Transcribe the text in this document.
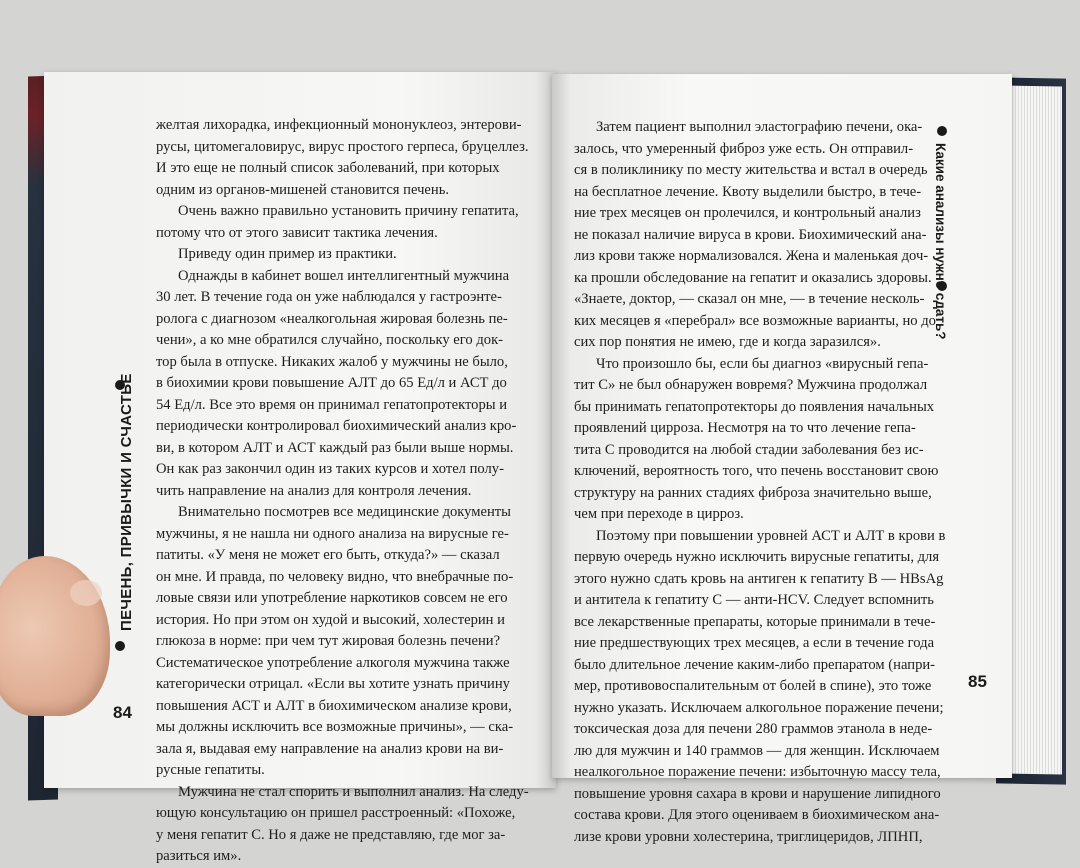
ПЕЧЕНЬ, ПРИВЫЧКИ И СЧАСТЬЕ
Какие анализы нужно сдать?

желтая лихорадка, инфекционный мононуклеоз, энтерови-

русы, цитомегаловирус, вирус простого герпеса, бруцеллез.

И это еще не полный список заболеваний, при которых

одним из органов-мишеней становится печень.

Очень важно правильно установить причину гепатита,

потому что от этого зависит тактика лечения.

Приведу один пример из практики.

Однажды в кабинет вошел интеллигентный мужчина

30 лет. В течение года он уже наблюдался у гастроэнте-

ролога с диагнозом «неалкогольная жировая болезнь пе-

чени», а ко мне обратился случайно, поскольку его док-

тор была в отпуске. Никаких жалоб у мужчины не было,

в биохимии крови повышение АЛТ до 65 Ед/л и АСТ до

54 Ед/л. Все это время он принимал гепатопротекторы и

периодически контролировал биохимический анализ кро-

ви, в котором АЛТ и АСТ каждый раз были выше нормы.

Он как раз закончил один из таких курсов и хотел полу-

чить направление на анализ для контроля лечения.

Внимательно посмотрев все медицинские документы

мужчины, я не нашла ни одного анализа на вирусные ге-

патиты. «У меня не может его быть, откуда?» — сказал

он мне. И правда, по человеку видно, что внебрачные по-

ловые связи или употребление наркотиков совсем не его

история. Но при этом он худой и высокий, холестерин и

глюкоза в норме: при чем тут жировая болезнь печени?

Систематическое употребление алкоголя мужчина также

категорически отрицал. «Если вы хотите узнать причину

повышения АСТ и АЛТ в биохимическом анализе крови,

мы должны исключить все возможные причины», — ска-

зала я, выдавая ему направление на анализ крови на ви-

русные гепатиты.

Мужчина не стал спорить и выполнил анализ. На следу-

ющую консультацию он пришел расстроенный: «Похоже,

у меня гепатит С. Но я даже не представляю, где мог за-

разиться им».

Затем пациент выполнил эластографию печени, ока-

залось, что умеренный фиброз уже есть. Он отправил-

ся в поликлинику по месту жительства и встал в очередь

на бесплатное лечение. Квоту выделили быстро, в тече-

ние трех месяцев он пролечился, и контрольный анализ

не показал наличие вируса в крови. Биохимический ана-

лиз крови также нормализовался. Жена и маленькая доч-

ка прошли обследование на гепатит и оказались здоровы.

«Знаете, доктор, — сказал он мне, — в течение несколь-

ких месяцев я «перебрал» все возможные варианты, но до

сих пор понятия не имею, где и когда заразился».

Что произошло бы, если бы диагноз «вирусный гепа-

тит С» не был обнаружен вовремя? Мужчина продолжал

бы принимать гепатопротекторы до появления начальных

проявлений цирроза. Несмотря на то что лечение гепа-

тита С проводится на любой стадии заболевания без ис-

ключений, вероятность того, что печень восстановит свою

структуру на ранних стадиях фиброза значительно выше,

чем при переходе в цирроз.

Поэтому при повышении уровней АСТ и АЛТ в крови в

первую очередь нужно исключить вирусные гепатиты, для

этого нужно сдать кровь на антиген к гепатиту В — HBsAg

и антитела к гепатиту С — анти-HCV. Следует вспомнить

все лекарственные препараты, которые принимали в тече-

ние предшествующих трех месяцев, а если в течение года

было длительное лечение каким-либо препаратом (напри-

мер, противовоспалительным от болей в спине), это тоже

нужно указать. Исключаем алкогольное поражение печени;

токсическая доза для печени 280 граммов этанола в неде-

лю для мужчин и 140 граммов — для женщин. Исключаем

неалкогольное поражение печени: избыточную массу тела,

повышение уровня сахара в крови и нарушение липидного

состава крови. Для этого оцениваем в биохимическом ана-

лизе крови уровни холестерина, триглицеридов, ЛПНП,

84
85
